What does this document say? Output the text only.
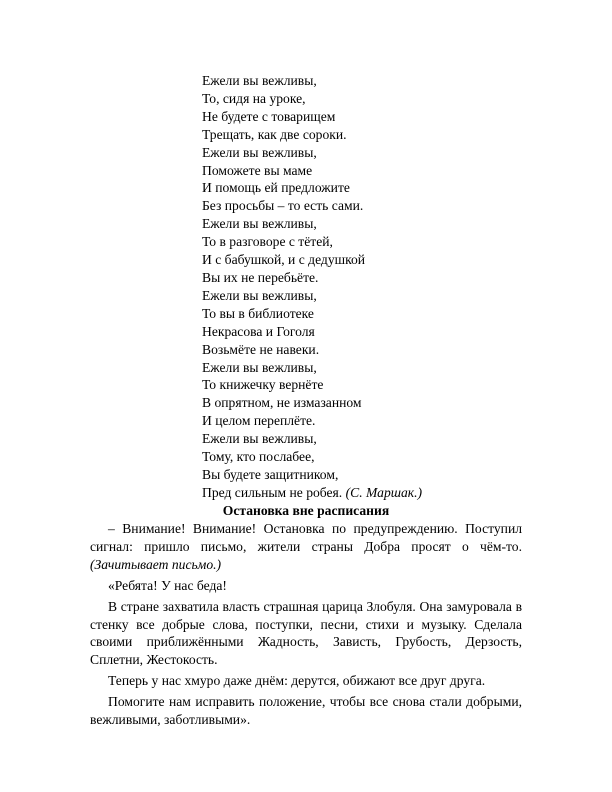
Ежели вы вежливы,
То, сидя на уроке,
Не будете с товарищем
Трещать, как две сороки.
Ежели вы вежливы,
Поможете вы маме
И помощь ей предложите
Без просьбы – то есть сами.
Ежели вы вежливы,
То в разговоре с тётей,
И с бабушкой, и с дедушкой
Вы их не перебьёте.
Ежели вы вежливы,
То вы в библиотеке
Некрасова и Гоголя
Возьмёте не навеки.
Ежели вы вежливы,
То книжечку вернёте
В опрятном, не измазанном
И целом переплёте.
Ежели вы вежливы,
Тому, кто послабее,
Вы будете защитником,
Пред сильным не робея. (С. Маршак.)
Остановка вне расписания

– Внимание! Внимание! Остановка по предупреждению. Поступил сигнал: пришло письмо, жители страны Добра просят о чём-то. (Зачитывает письмо.)

«Ребята! У нас беда!

В стране захватила власть страшная царица Злобуля. Она замуровала в стенку все добрые слова, поступки, песни, стихи и музыку. Сделала своими приближёнными Жадность, Зависть, Грубость, Дерзость, Сплетни, Жестокость.

Теперь у нас хмуро даже днём: дерутся, обижают все друг друга.

Помогите нам исправить положение, чтобы все снова стали добрыми, вежливыми, заботливыми».
